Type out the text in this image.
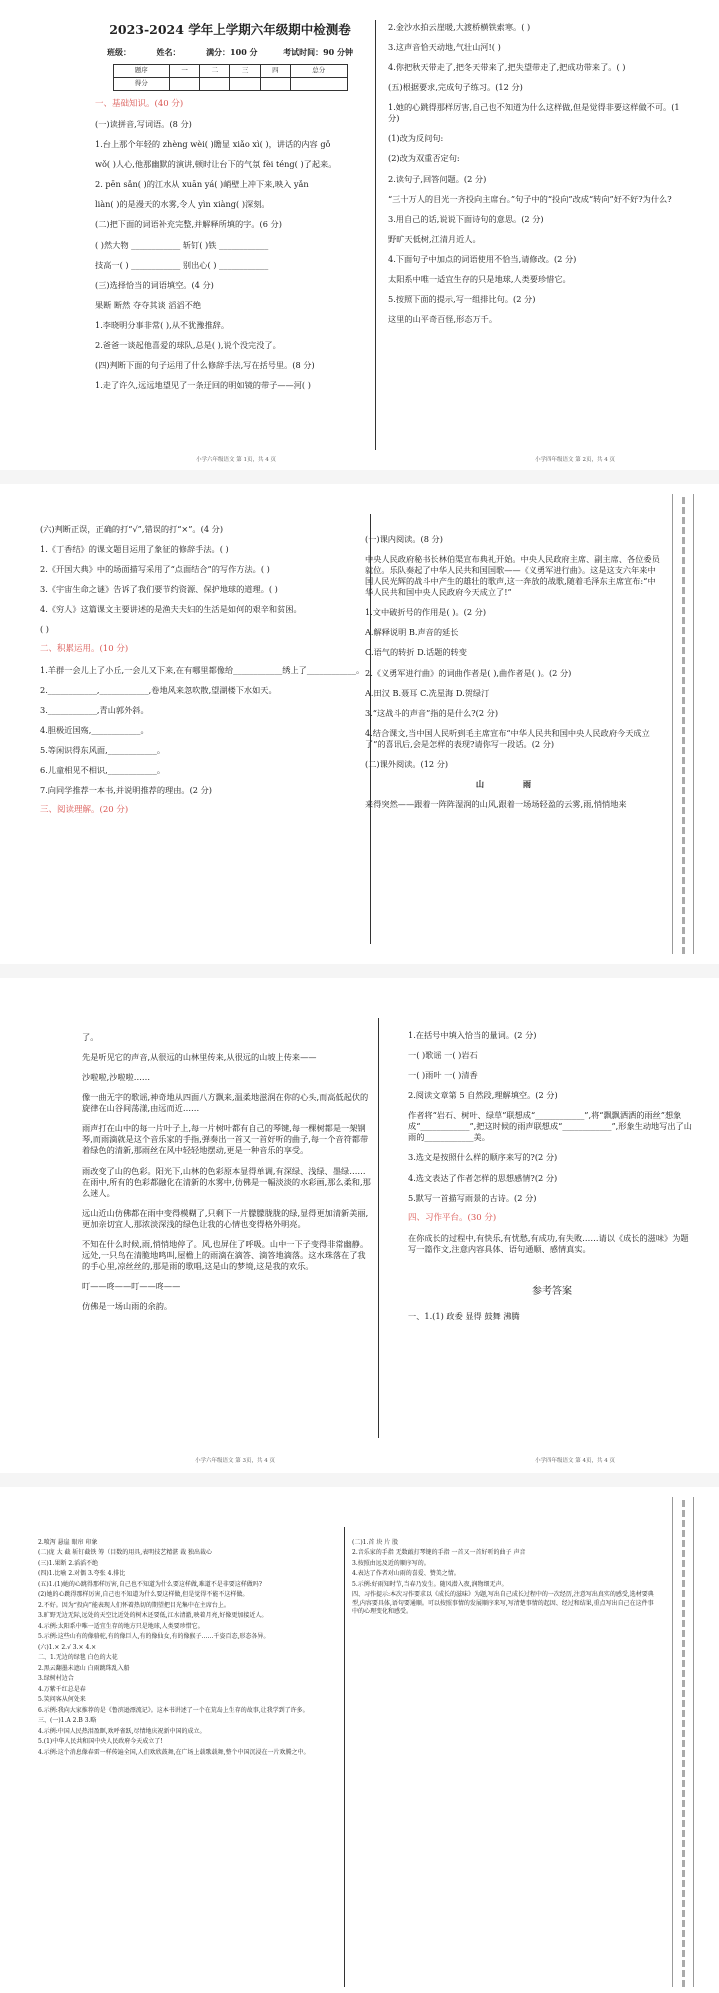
2023-2024 学年上学期六年级期中检测卷
班级：	姓名：	满分：100 分	考试时间：90 分钟
题序	一	二	三	四	总分
得分					

一、基础知识。(40 分)

(一)读拼音,写词语。(8 分)

1.台上那个年轻的 zhèng wèi( )瞻显 xiǎo xì( )，讲话的内容 gǒ

wǒ( )人心,他那幽默的演讲,顿时让台下的气氛 fèi téng( )了起来。

2. pēn sǎn( )的江水从 xuān yá( )峭壁上冲下来,映入 yǎn

liàn( )的是漫天的水雾,令人 yìn xiàng( )深刻。

(二)把下面的词语补充完整,并解释所填的字。(6 分)

( )然大物 ____________ 斩钉( )铁 ____________

技高一( ) ____________ 别出心( ) ____________

(三)选择恰当的词语填空。(4 分)

果断 断然 夺夺其谈 滔滔不绝

1.李晓明分事非常( ),从不犹豫推辞。

2.爸爸一谈起他喜爱的球队,总是( ),说个没完没了。

(四)判断下面的句子运用了什么修辞手法,写在括号里。(8 分)

1.走了许久,远远地望见了一条迂回的明如镜的带子——河( )

2.金沙水拍云崖暖,大渡桥横铁索寒。( )

3.这声音恰天动地,气壮山河!( )

4.你把秋天带走了,把冬天带来了,把失望带走了,把成功带来了。( )

(五)根据要求,完成句子练习。(12 分)

1.她的心跳得那样厉害,自己也不知道为什么这样做,但是觉得非要这样做不可。(1 分)

(1)改为反问句:

(2)改为双重否定句:

2.读句子,回答问题。(2 分)

“三十万人的目光一齐投向主席台。”句子中的“投向”改成“转向”好不好?为什么?

3.用自己的话,说说下面诗句的意思。(2 分)

野旷天低树,江清月近人。

4.下面句子中加点的词语使用不恰当,请修改。(2 分)

太阳系中唯一适宜生存的只是地球,人类要珍惜它。

5.按照下面的提示,写一组排比句。(2 分)

这里的山平奇百怪,形态万千。

小学六年级语文 第 1页，共 4 页	小学四年级语文 第 2页，共 4 页

(六)判断正误，正确的打“√”,错误的打“×”。(4 分)

1.《丁香结》的课文题目运用了象征的修辞手法。( )

2.《开国大典》中的场面描写采用了“点面结合”的写作方法。( )

3.《宇宙生命之谜》告诉了我们要节约资源、保护地球的道理。( )

4.《穷人》这篇课文主要讲述的是渔夫夫妇的生活是如何的艰辛和贫困。

( )

二、积累运用。(10 分)

1.羊群一会儿上了小丘,一会儿又下来,在有哪里都像给____________绣上了____________。

2.____________,____________,卷地风来忽吹散,望湖楼下水如天。

3.____________,青山郭外斜。

4.胆极近国殇,____________。

5.等闲识得东风面,____________。

6.儿童相见不相识,____________。

7.向同学推荐一本书,并说明推荐的理由。(2 分)

三、阅读理解。(20 分)

(一)课内阅读。(8 分)

中央人民政府秘书长林伯渠宣布典礼开始。中央人民政府主席、副主席、各位委员就位。乐队奏起了中华人民共和国国歌——《义勇军进行曲》。这是这支六年来中国人民光辉的战斗中产生的雄壮的歌声,这一奔放的战歌,随着毛泽东主席宣布:“中华人民共和国中央人民政府今天成立了!”

1.文中破折号的作用是( )。(2 分)

A.解释说明 B.声音的延长

C.语气的转折 D.话题的转变

2.《义勇军进行曲》的词曲作者是( ),曲作者是( )。(2 分)

A.田汉 B.聂耳 C.冼星海 D.贺绿汀

3.“这战斗的声音”指的是什么?(2 分)

4.结合课文,当中国人民听到毛主席宣布“中华人民共和国中央人民政府今天成立了”的喜讯后,会是怎样的表现?请你写一段话。(2 分)

(二)课外阅读。(12 分)

山 雨

来得突然——跟着一阵阵湿润的山风,跟着一场场轻盈的云雾,雨,悄悄地来

了。

先是听见它的声音,从很远的山林里传来,从很远的山坡上传来——

沙啦啦,沙啦啦……

像一曲无字的歌谣,神奇地从四面八方飘来,温柔地滋润在你的心头,而高低起伏的旋律在山谷间荡漾,由远而近……

雨声打在山中的每一片叶子上,每一片树叶都有自己的琴键,每一棵树都是一架钢琴,而雨滴就是这个音乐家的手指,弹奏出一首又一首好听的曲子,每一个音符都带着绿色的清新,那雨丝在风中轻轻地摆动,更是一种音乐的享受。

雨改变了山的色彩。阳光下,山林的色彩原本显得单调,有深绿、浅绿、墨绿……在雨中,所有的色彩都融化在清新的水雾中,仿佛是一幅淡淡的水彩画,那么柔和,那么迷人。

远山近山仿佛都在雨中变得模糊了,只剩下一片朦朦胧胧的绿,显得更加清新美丽,更加亲切宜人,那浓淡深浅的绿色让我的心情也变得格外明亮。

不知在什么时候,雨,悄悄地停了。风,也屏住了呼吸。山中一下子变得非常幽静。远处,一只鸟在清脆地鸣叫,屋檐上的雨滴在滴答、滴答地滴落。这水珠落在了我的手心里,凉丝丝的,那是雨的歌唱,这是山的梦境,这是我的欢乐。

叮——咚——叮——咚——

仿佛是一场山雨的余韵。

1.在括号中填入恰当的量词。(2 分)

一( )歌谣 一( )岩石

一( )雨叶 一( )清香

2.阅读文章第 5 自然段,理解填空。(2 分)

作者将“岩石、树叶、绿草”联想成“____________”,将“飘飘洒洒的雨丝”想象成“____________”,把这时候的雨声联想成“____________”,形象生动地写出了山雨的____________美。

3.选文是按照什么样的顺序来写的?(2 分)

4.选文表达了作者怎样的思想感情?(2 分)

5.默写一首描写雨景的古诗。(2 分)

四、习作平台。(30 分)

在你成长的过程中,有快乐,有忧愁,有成功,有失败……请以《成长的滋味》为题写一篇作文,注意内容具体、语句通顺、感情真实。

参考答案

一、1.(1) 政委 显得 鼓舞 沸腾

小学六年级语文 第 3页，共 4 页	小学四年级语文 第 4页，共 4 页

2.喷泻 悬崖 眼帘 印象

(二)庞 大 截 斩钉截铁 筹（目数的用具,表明技艺精湛 裁 独出裁心

(三)1.果断 2.滔滔不绝

(四)1.比喻 2.对偶 3.夸张 4.排比

(五)1.(1)她的心跳得那样厉害,自己也不知道为什么要这样做,难道不是非要这样做吗?

(2)她的心跳得那样厉害,自己也不知道为什么要这样做,但是觉得不能不这样做。

2.不好。因为“投向”能表现人们怀着热切的期望把目光集中在主席台上。

3.旷野无边无际,远处的天空比近处的树木还要低,江水清澈,映着月亮,好像更加接近人。

4.示例:太阳系中唯一适宜生存的地方只是地球,人类要珍惜它。

5.示例:这些山有的像骆驼,有的像巨人,有的像仙女,有的像猴子……千姿百态,形态各异。

(六)1.× 2.√ 3.× 4.×

二、1.无边的绿毯 白色的大花

2.黑云翻墨未遮山 白雨跳珠乱入船

3.绿树村边合

4.万紫千红总是春

5.笑问客从何处来

6.示例:我向大家推荐的是《鲁滨逊漂流记》。这本书讲述了一个在荒岛上生存的故事,让我学到了许多。

三、(一)1.A 2.B 3.略

4.示例:中国人民热泪盈眶,欢呼雀跃,尽情地庆祝新中国的成立。

5.(1)中华人民共和国中央人民政府今天成立了!

4.示例:这个消息像春雷一样传遍全国,人们欢欣鼓舞,在广场上载歌载舞,整个中国沉浸在一片欢腾之中。

(二)1.首 块 片 股

2.音乐家的手指 无数敲打琴键的手指 一首又一首好听的曲子 声音

3.按照由远及近的顺序写的。

4.表达了作者对山雨的喜爱、赞美之情。

5.示例:好雨知时节,当春乃发生。随风潜入夜,润物细无声。

四、习作提示:本次习作要求以《成长的滋味》为题,写出自己成长过程中的一次经历,注意写出真实的感受,选材要典型,内容要具体,语句要通顺。可以按照事情的发展顺序来写,写清楚事情的起因、经过和结果,重点写出自己在这件事中的心理变化和感受。
